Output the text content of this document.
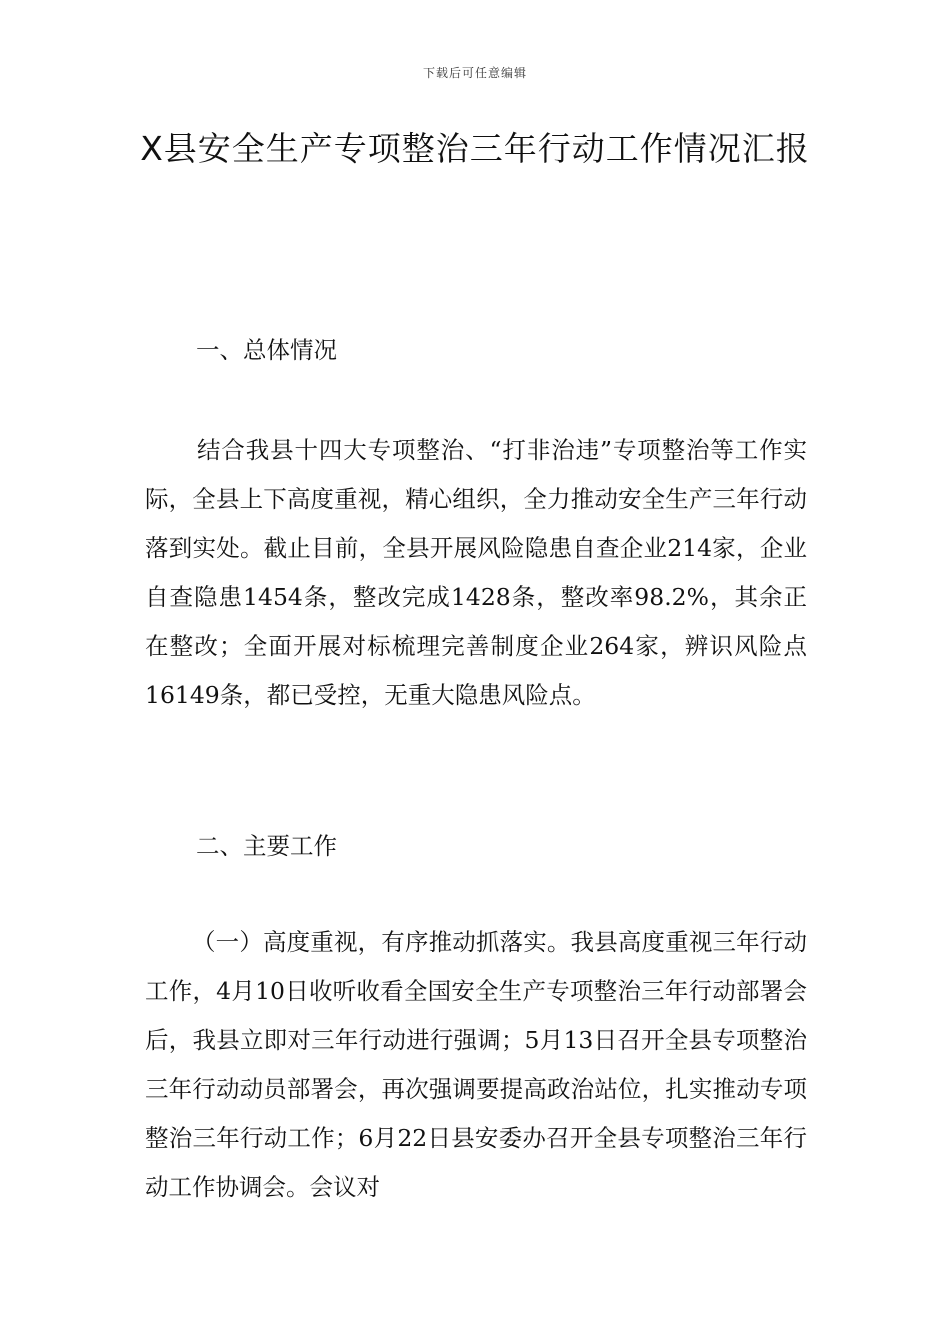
下载后可任意编辑
X县安全生产专项整治三年行动工作情况汇报

一、总体情况

结合我县十四大专项整治、“打非治违”专项整治等工作实际，全县上下高度重视，精心组织，全力推动安全生产三年行动落到实处。截止目前，全县开展风险隐患自查企业214家，企业自查隐患1454条，整改完成1428条，整改率98.2%，其余正在整改；全面开展对标梳理完善制度企业264家，辨识风险点16149条，都已受控，无重大隐患风险点。

二、主要工作

（一）高度重视，有序推动抓落实。我县高度重视三年行动工作，4月10日收听收看全国安全生产专项整治三年行动部署会后，我县立即对三年行动进行强调；5月13日召开全县专项整治三年行动动员部署会，再次强调要提高政治站位，扎实推动专项整治三年行动工作；6月22日县安委办召开全县专项整治三年行动工作协调会。会议对
